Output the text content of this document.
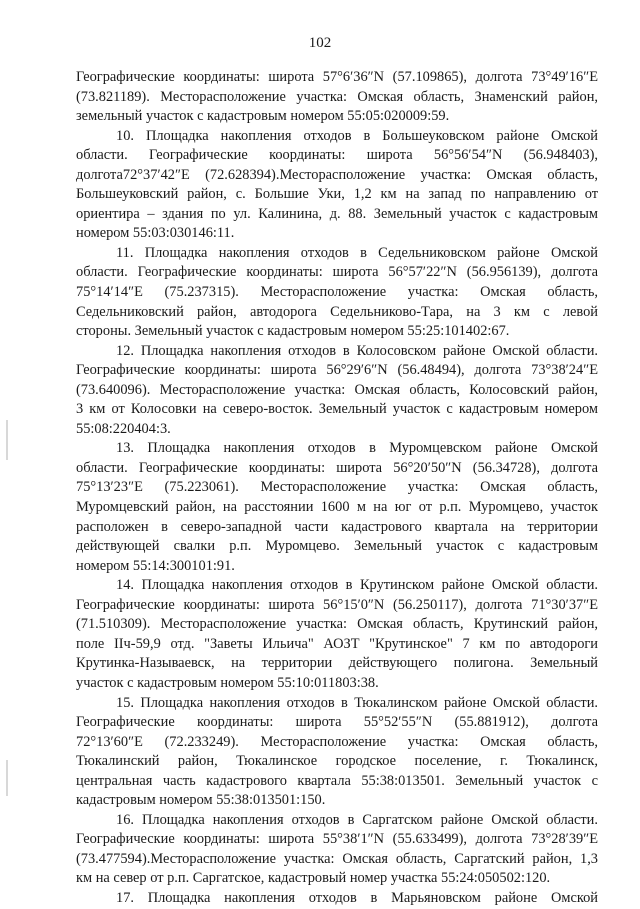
102
Географические координаты: широта 57°6′36″N (57.109865), долгота 73°49′16″E
(73.821189). Месторасположение участка: Омская область, Знаменский район,
земельный участок с кадастровым номером 55:05:020009:59.
10. Площадка накопления отходов в Большеуковском районе Омской
области. Географические координаты: широта 56°56′54″N (56.948403),
долгота72°37′42″E (72.628394).Месторасположение участка: Омская область,
Большеуковский район, с. Большие Уки, 1,2 км на запад по направлению от
ориентира – здания по ул. Калинина, д. 88. Земельный участок с кадастровым
номером 55:03:030146:11.
11. Площадка накопления отходов в Седельниковском районе Омской
области. Географические координаты: широта 56°57′22″N (56.956139), долгота
75°14′14″E (75.237315). Месторасположение участка: Омская область,
Седельниковский район, автодорога Седельниково-Тара, на 3 км с левой
стороны. Земельный участок с кадастровым номером 55:25:101402:67.
12. Площадка накопления отходов в Колосовском районе Омской области.
Географические координаты: широта 56°29′6″N (56.48494), долгота 73°38′24″E
(73.640096). Месторасположение участка: Омская область, Колосовский район,
3 км от Колосовки на северо-восток. Земельный участок с кадастровым номером
55:08:220404:3.
13. Площадка накопления отходов в Муромцевском районе Омской
области. Географические координаты: широта 56°20′50″N (56.34728), долгота
75°13′23″E (75.223061). Месторасположение участка: Омская область,
Муромцевский район, на расстоянии 1600 м на юг от р.п. Муромцево, участок
расположен в северо-западной части кадастрового квартала на территории
действующей свалки р.п. Муромцево. Земельный участок с кадастровым
номером 55:14:300101:91.
14. Площадка накопления отходов в Крутинском районе Омской области.
Географические координаты: широта 56°15′0″N (56.250117), долгота 71°30′37″E
(71.510309). Месторасположение участка: Омская область, Крутинский район,
поле IIч-59,9 отд. "Заветы Ильича" АОЗТ "Крутинское" 7 км по автодороги
Крутинка-Называевск, на территории действующего полигона. Земельный
участок с кадастровым номером 55:10:011803:38.
15. Площадка накопления отходов в Тюкалинском районе Омской области.
Географические координаты: широта 55°52′55″N (55.881912), долгота
72°13′60″E (72.233249). Месторасположение участка: Омская область,
Тюкалинский район, Тюкалинское городское поселение, г. Тюкалинск,
центральная часть кадастрового квартала 55:38:013501. Земельный участок с
кадастровым номером 55:38:013501:150.
16. Площадка накопления отходов в Саргатском районе Омской области.
Географические координаты: широта 55°38′1″N (55.633499), долгота 73°28′39″E
(73.477594).Месторасположение участка: Омская область, Саргатский район, 1,3
км на север от р.п. Саргатское, кадастровый номер участка 55:24:050502:120.
17. Площадка накопления отходов в Марьяновском районе Омской
